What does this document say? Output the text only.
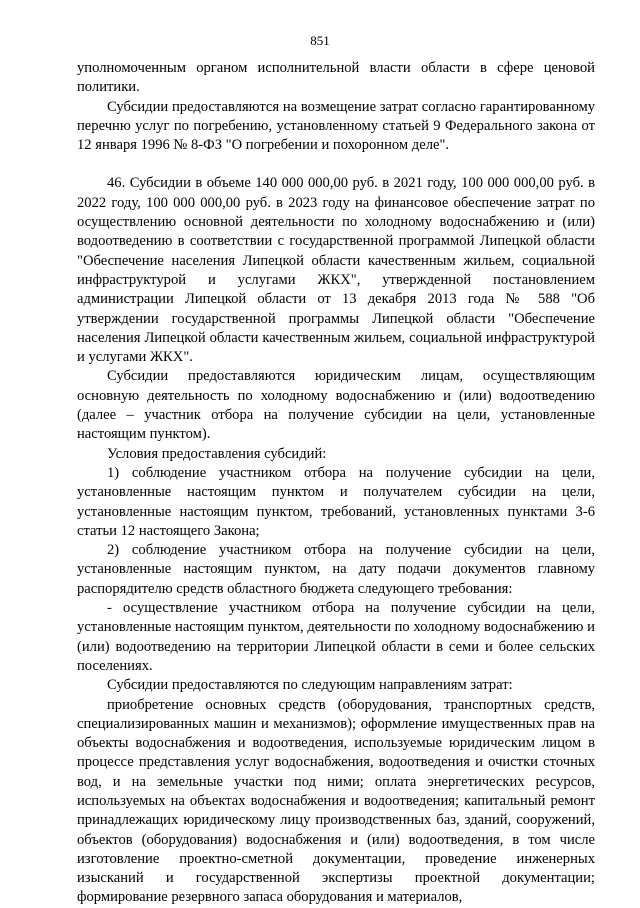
851

уполномоченным органом исполнительной власти области в сфере ценовой политики.

Субсидии предоставляются на возмещение затрат согласно гарантированному перечню услуг по погребению, установленному статьей 9 Федерального закона от 12 января 1996 № 8-ФЗ "О погребении и похоронном деле".

46. Субсидии в объеме 140 000 000,00 руб. в 2021 году, 100 000 000,00 руб. в 2022 году, 100 000 000,00 руб. в 2023 году на финансовое обеспечение затрат по осуществлению основной деятельности по холодному водоснабжению и (или) водоотведению в соответствии с государственной программой Липецкой области "Обеспечение населения Липецкой области качественным жильем, социальной инфраструктурой и услугами ЖКХ", утвержденной постановлением администрации Липецкой области от 13 декабря 2013 года № 588 "Об утверждении государственной программы Липецкой области "Обеспечение населения Липецкой области качественным жильем, социальной инфраструктурой и услугами ЖКХ".

Субсидии предоставляются юридическим лицам, осуществляющим основную деятельность по холодному водоснабжению и (или) водоотведению (далее – участник отбора на получение субсидии на цели, установленные настоящим пунктом).

Условия предоставления субсидий:

1) соблюдение участником отбора на получение субсидии на цели, установленные настоящим пунктом и получателем субсидии на цели, установленные настоящим пунктом, требований, установленных пунктами 3-6 статьи 12 настоящего Закона;

2) соблюдение участником отбора на получение субсидии на цели, установленные настоящим пунктом, на дату подачи документов главному распорядителю средств областного бюджета следующего требования:

- осуществление участником отбора на получение субсидии на цели, установленные настоящим пунктом, деятельности по холодному водоснабжению и (или) водоотведению на территории Липецкой области в семи и более сельских поселениях.

Субсидии предоставляются по следующим направлениям затрат:

приобретение основных средств (оборудования, транспортных средств, специализированных машин и механизмов); оформление имущественных прав на объекты водоснабжения и водоотведения, используемые юридическим лицом в процессе представления услуг водоснабжения, водоотведения и очистки сточных вод, и на земельные участки под ними; оплата энергетических ресурсов, используемых на объектах водоснабжения и водоотведения; капитальный ремонт принадлежащих юридическому лицу производственных баз, зданий, сооружений, объектов (оборудования) водоснабжения и (или) водоотведения, в том числе изготовление проектно-сметной документации, проведение инженерных изысканий и государственной экспертизы проектной документации; формирование резервного запаса оборудования и материалов,
